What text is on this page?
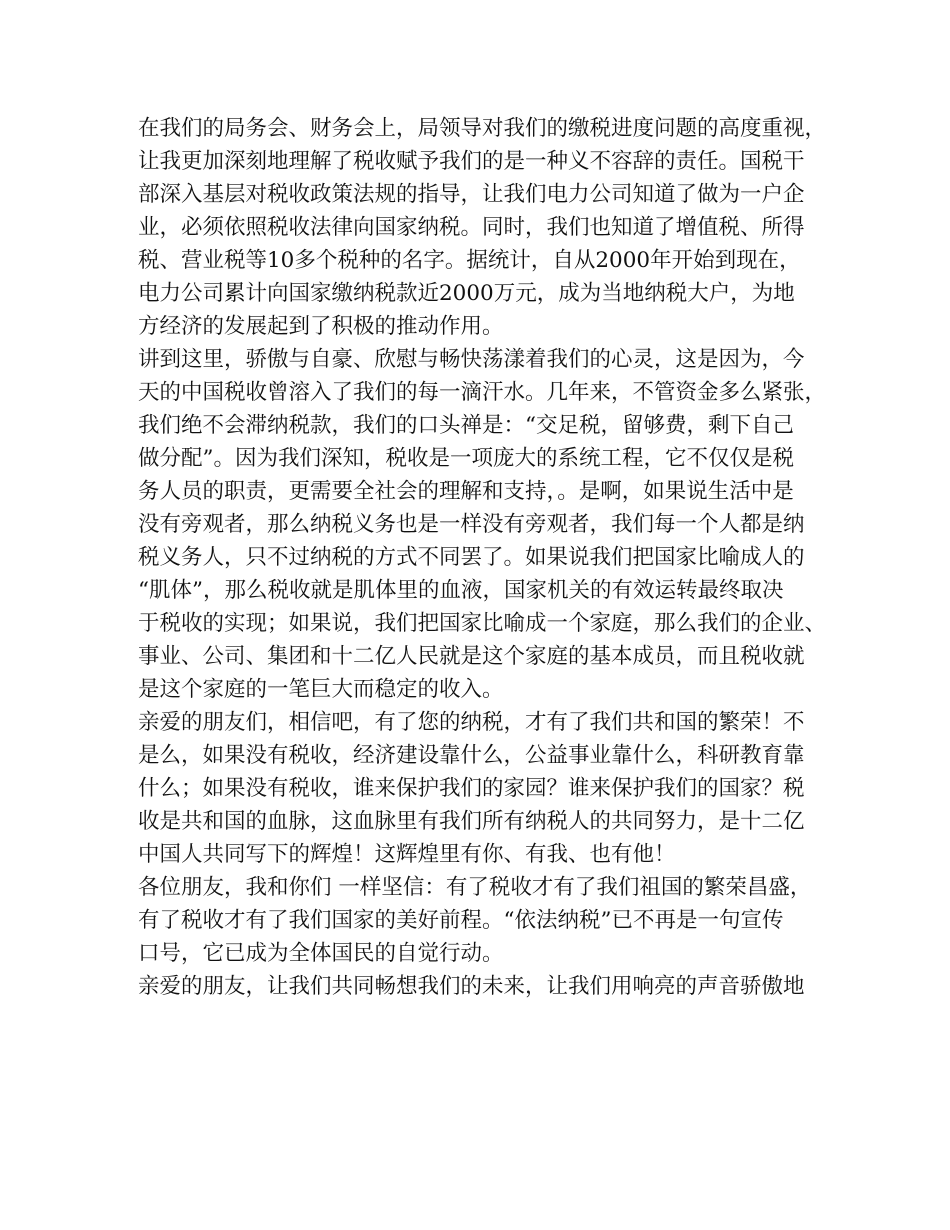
在我们的局务会、财务会上，局领导对我们的缴税进度问题的高度重视，
让我更加深刻地理解了税收赋予我们的是一种义不容辞的责任。国税干
部深入基层对税收政策法规的指导，让我们电力公司知道了做为一户企
业，必须依照税收法律向国家纳税。同时，我们也知道了增值税、所得
税、营业税等10多个税种的名字。据统计，自从2000年开始到现在，
电力公司累计向国家缴纳税款近2000万元，成为当地纳税大户，为地
方经济的发展起到了积极的推动作用。
讲到这里，骄傲与自豪、欣慰与畅快荡漾着我们的心灵，这是因为，今
天的中国税收曾溶入了我们的每一滴汗水。几年来，不管资金多么紧张，
我们绝不会滞纳税款，我们的口头禅是：“交足税，留够费，剩下自己
做分配”。因为我们深知，税收是一项庞大的系统工程，它不仅仅是税
务人员的职责，更需要全社会的理解和支持，。是啊，如果说生活中是
没有旁观者，那么纳税义务也是一样没有旁观者，我们每一个人都是纳
税义务人，只不过纳税的方式不同罢了。如果说我们把国家比喻成人的
“肌体”，那么税收就是肌体里的血液，国家机关的有效运转最终取决
于税收的实现；如果说，我们把国家比喻成一个家庭，那么我们的企业、
事业、公司、集团和十二亿人民就是这个家庭的基本成员，而且税收就
是这个家庭的一笔巨大而稳定的收入。
亲爱的朋友们，相信吧，有了您的纳税，才有了我们共和国的繁荣！不
是么，如果没有税收，经济建设靠什么，公益事业靠什么，科研教育靠
什么；如果没有税收，谁来保护我们的家园？谁来保护我们的国家？税
收是共和国的血脉，这血脉里有我们所有纳税人的共同努力，是十二亿
中国人共同写下的辉煌！这辉煌里有你、有我、也有他！
各位朋友，我和你们 一样坚信：有了税收才有了我们祖国的繁荣昌盛，
有了税收才有了我们国家的美好前程。“依法纳税”已不再是一句宣传
口号，它已成为全体国民的自觉行动。
亲爱的朋友，让我们共同畅想我们的未来，让我们用响亮的声音骄傲地
